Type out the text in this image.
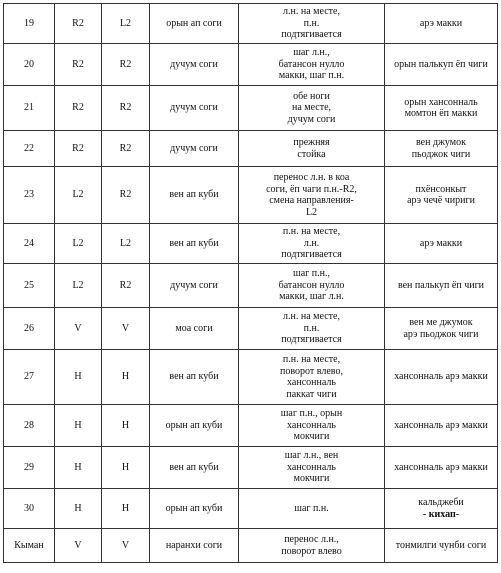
19	R2	L2	орын ап соги	л.н. на месте,
п.н.
подтягивается	арэ макки

20	R2	R2	дучум соги	шаг л.н.,
батансон нулло
макки, шаг п.н.	орын палькуп ёп чиги

21	R2	R2	дучум соги	обе ноги
на месте,
дучум соги	орын хансонналь
момтон ёп макки

22	R2	R2	дучум соги	прежняя
стойка	вен джумок
пьоджок чиги

23	L2	R2	вен ап куби	перенос л.н. в коа
соги, ёп чаги п.н.-R2,
смена направления-
L2	пхёнсонкыт
арэ чечё чириги

24	L2	L2	вен ап куби	п.н. на месте,
л.н.
подтягивается	арэ макки

25	L2	R2	дучум соги	шаг п.н.,
батансон нулло
макки, шаг л.н.	вен палькуп ёп чиги

26	V	V	моа соги	л.н. на месте,
п.н.
подтягивается	вен ме джумок
арэ пьоджок чиги

27	H	H	вен ап куби	п.н. на месте,
поворот влево,
хансонналь
паккат чиги	хансонналь арэ макки

28	H	H	орын ап куби	шаг п.н., орын
хансонналь
мокчиги	хансонналь арэ макки

29	H	H	вен ап куби	шаг л.н., вен
хансонналь
мокчиги	хансонналь арэ макки

30	H	H	орын ап куби	шаг п.н.	кальджеби
- кихап-

Кыман	V	V	наранхи соги	перенос л.н.,
поворот влево	тонмилги чунби соги
